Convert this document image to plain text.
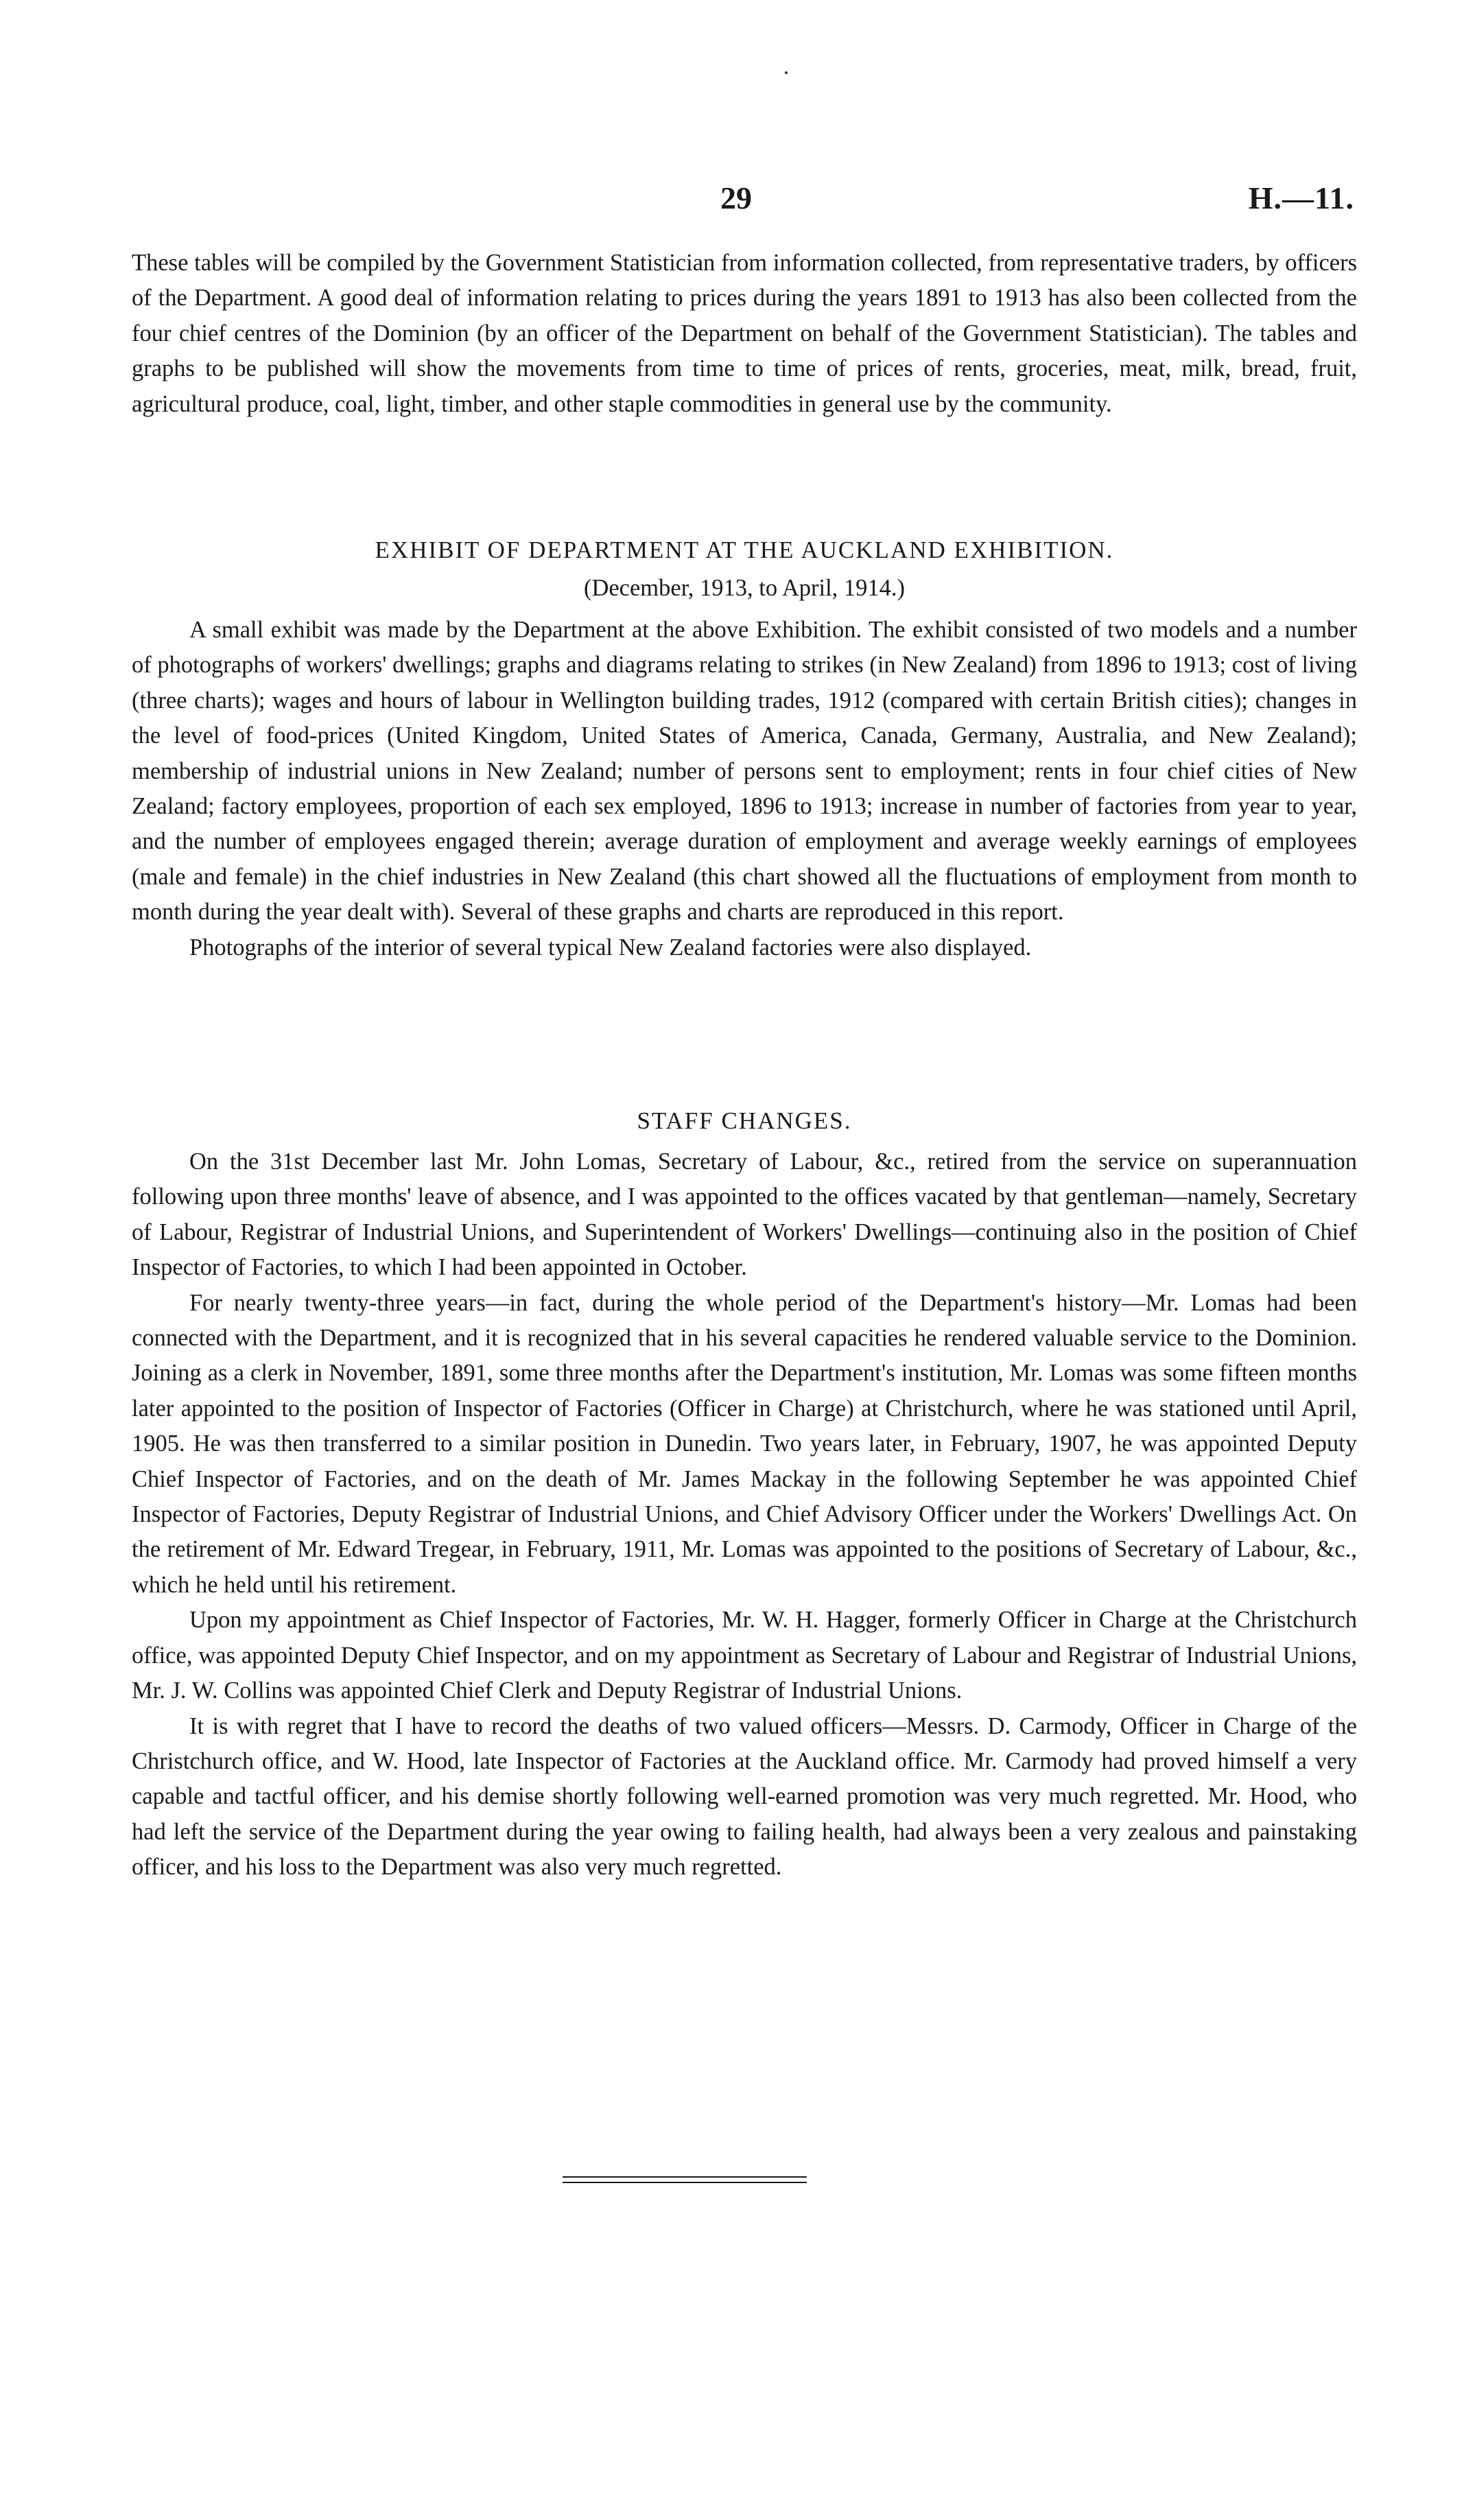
29	H.—11.

These tables will be compiled by the Government Statistician from information collected, from representative traders, by officers of the Department. A good deal of information relating to prices during the years 1891 to 1913 has also been collected from the four chief centres of the Dominion (by an officer of the Department on behalf of the Government Statistician). The tables and graphs to be published will show the movements from time to time of prices of rents, groceries, meat, milk, bread, fruit, agricultural produce, coal, light, timber, and other staple commodities in general use by the community.

EXHIBIT OF DEPARTMENT AT THE AUCKLAND EXHIBITION.
(December, 1913, to April, 1914.)

A small exhibit was made by the Department at the above Exhibition. The exhibit consisted of two models and a number of photographs of workers' dwellings; graphs and diagrams relating to strikes (in New Zealand) from 1896 to 1913; cost of living (three charts); wages and hours of labour in Wellington building trades, 1912 (compared with certain British cities); changes in the level of food-prices (United Kingdom, United States of America, Canada, Germany, Australia, and New Zealand); membership of industrial unions in New Zealand; number of persons sent to employment; rents in four chief cities of New Zealand; factory employees, proportion of each sex employed, 1896 to 1913; increase in number of factories from year to year, and the number of employees engaged therein; average duration of employment and average weekly earnings of employees (male and female) in the chief industries in New Zealand (this chart showed all the fluctuations of employment from month to month during the year dealt with). Several of these graphs and charts are reproduced in this report.

Photographs of the interior of several typical New Zealand factories were also displayed.

STAFF CHANGES.

On the 31st December last Mr. John Lomas, Secretary of Labour, &c., retired from the service on superannuation following upon three months' leave of absence, and I was appointed to the offices vacated by that gentleman—namely, Secretary of Labour, Registrar of Industrial Unions, and Superintendent of Workers' Dwellings—continuing also in the position of Chief Inspector of Factories, to which I had been appointed in October.

For nearly twenty-three years—in fact, during the whole period of the Department's history—Mr. Lomas had been connected with the Department, and it is recognized that in his several capacities he rendered valuable service to the Dominion. Joining as a clerk in November, 1891, some three months after the Department's institution, Mr. Lomas was some fifteen months later appointed to the position of Inspector of Factories (Officer in Charge) at Christchurch, where he was stationed until April, 1905. He was then transferred to a similar position in Dunedin. Two years later, in February, 1907, he was appointed Deputy Chief Inspector of Factories, and on the death of Mr. James Mackay in the following September he was appointed Chief Inspector of Factories, Deputy Registrar of Industrial Unions, and Chief Advisory Officer under the Workers' Dwellings Act. On the retirement of Mr. Edward Tregear, in February, 1911, Mr. Lomas was appointed to the positions of Secretary of Labour, &c., which he held until his retirement.

Upon my appointment as Chief Inspector of Factories, Mr. W. H. Hagger, formerly Officer in Charge at the Christchurch office, was appointed Deputy Chief Inspector, and on my appointment as Secretary of Labour and Registrar of Industrial Unions, Mr. J. W. Collins was appointed Chief Clerk and Deputy Registrar of Industrial Unions.

It is with regret that I have to record the deaths of two valued officers—Messrs. D. Carmody, Officer in Charge of the Christchurch office, and W. Hood, late Inspector of Factories at the Auckland office. Mr. Carmody had proved himself a very capable and tactful officer, and his demise shortly following well-earned promotion was very much regretted. Mr. Hood, who had left the service of the Department during the year owing to failing health, had always been a very zealous and painstaking officer, and his loss to the Department was also very much regretted.
